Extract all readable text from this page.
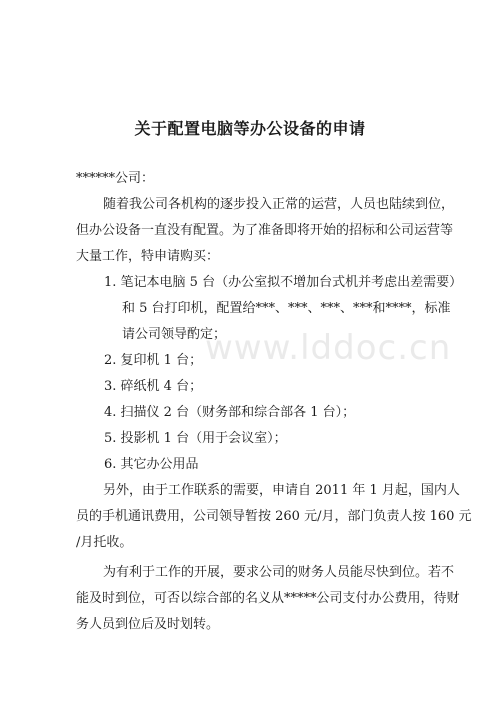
关于配置电脑等办公设备的申请
******公司：
随着我公司各机构的逐步投入正常的运营，人员也陆续到位，
但办公设备一直没有配置。为了准备即将开始的招标和公司运营等
大量工作，特申请购买：
1. 笔记本电脑 5 台（办公室拟不增加台式机并考虑出差需要）
和 5 台打印机，配置给***、***、***、***和****，标准
请公司领导酌定；
2. 复印机 1 台；
3. 碎纸机 4 台；
4. 扫描仪 2 台（财务部和综合部各 1 台）；
5. 投影机 1 台（用于会议室）；
6. 其它办公用品
另外，由于工作联系的需要，申请自 2011 年 1 月起，国内人
员的手机通讯费用，公司领导暂按 260 元/月，部门负责人按 160 元
/月托收。
为有利于工作的开展，要求公司的财务人员能尽快到位。若不
能及时到位，可否以综合部的名义从*****公司支付办公费用，待财
务人员到位后及时划转。
www.lddoc.cn
